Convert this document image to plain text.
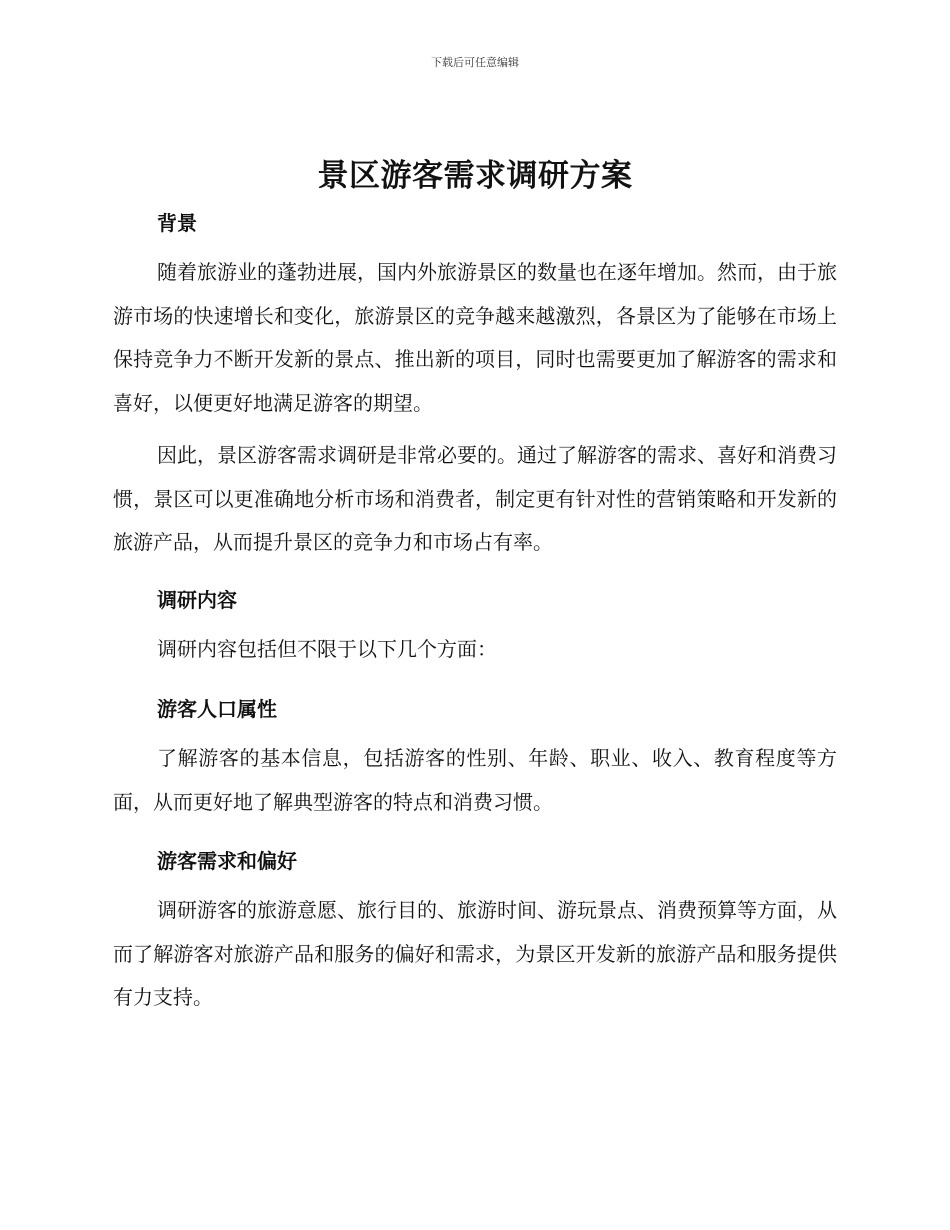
下载后可任意编辑
景区游客需求调研方案
背景
随着旅游业的蓬勃进展，国内外旅游景区的数量也在逐年增加。然而，由于旅游市场的快速增长和变化，旅游景区的竞争越来越激烈，各景区为了能够在市场上保持竞争力不断开发新的景点、推出新的项目，同时也需要更加了解游客的需求和喜好，以便更好地满足游客的期望。
因此，景区游客需求调研是非常必要的。通过了解游客的需求、喜好和消费习惯，景区可以更准确地分析市场和消费者，制定更有针对性的营销策略和开发新的旅游产品，从而提升景区的竞争力和市场占有率。
调研内容
调研内容包括但不限于以下几个方面：
游客人口属性
了解游客的基本信息，包括游客的性别、年龄、职业、收入、教育程度等方面，从而更好地了解典型游客的特点和消费习惯。
游客需求和偏好
调研游客的旅游意愿、旅行目的、旅游时间、游玩景点、消费预算等方面，从而了解游客对旅游产品和服务的偏好和需求，为景区开发新的旅游产品和服务提供有力支持。
